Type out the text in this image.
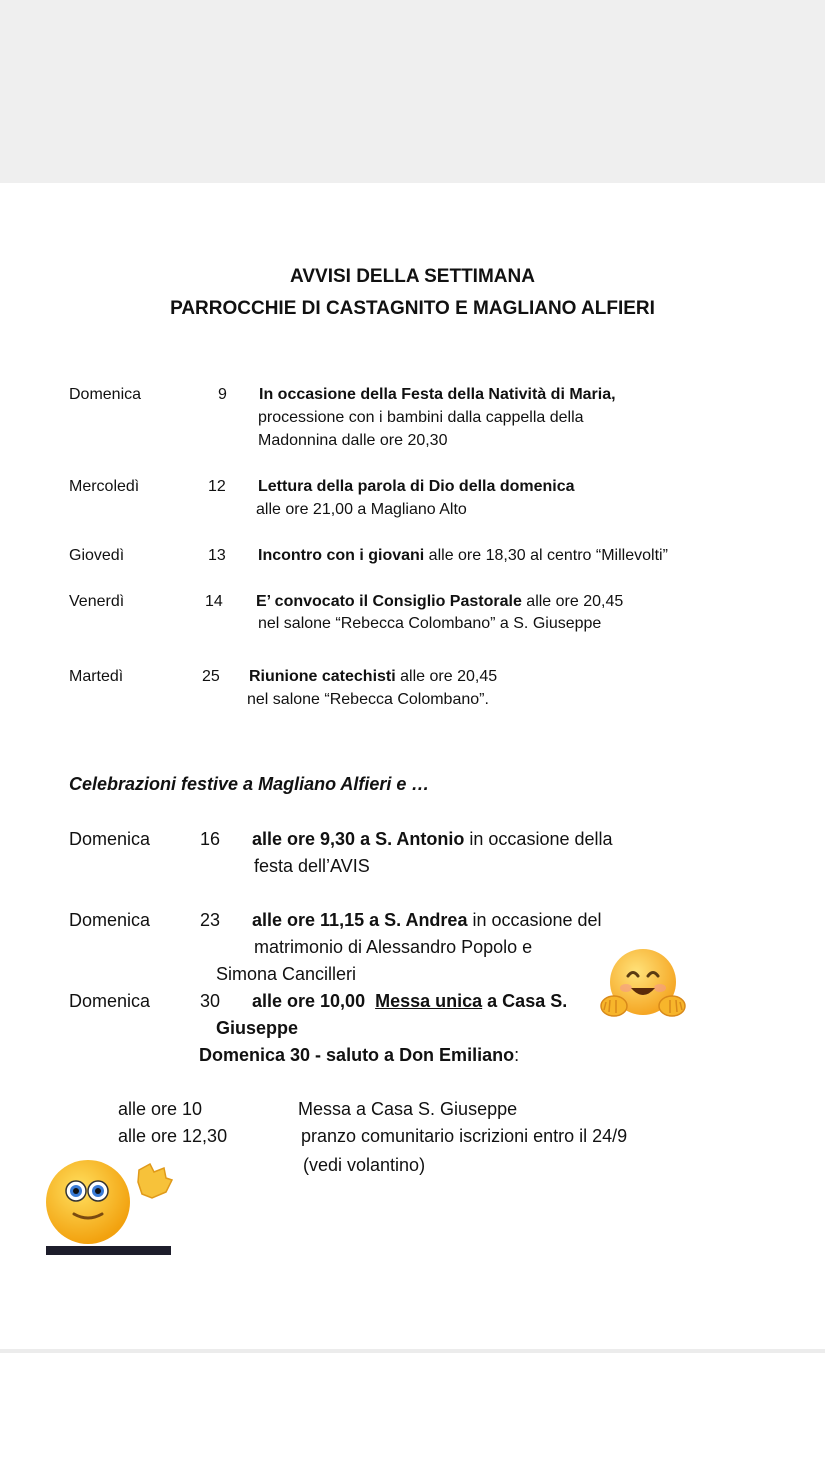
AVVISI DELLA SETTIMANA
PARROCCHIE DI CASTAGNITO E MAGLIANO ALFIERI
Domenica	9 In occasione della Festa della Natività di Maria,
processione con i bambini dalla cappella della
Madonnina dalle ore 20,30
Mercoledì	12 Lettura della parola di Dio della domenica
alle ore 21,00 a Magliano Alto
Giovedì	13 Incontro con i giovani alle ore 18,30 al centro “Millevolti”
Venerdì	14 E’ convocato il Consiglio Pastorale alle ore 20,45
nel salone “Rebecca Colombano” a S. Giuseppe
Martedì	25 Riunione catechisti alle ore 20,45
nel salone “Rebecca Colombano”.
Celebrazioni festive a Magliano Alfieri e …
Domenica	16 alle ore 9,30 a S. Antonio in occasione della
festa dell’AVIS
Domenica	23 alle ore 11,15 a S. Andrea in occasione del
matrimonio di Alessandro Popolo e
Simona Cancilleri
Domenica	30 alle ore 10,00 Messa unica a Casa S.
Giuseppe
Domenica 30 - saluto a Don Emiliano:
alle ore 10	Messa a Casa S. Giuseppe
alle ore 12,30	pranzo comunitario iscrizioni entro il 24/9
(vedi volantino)
